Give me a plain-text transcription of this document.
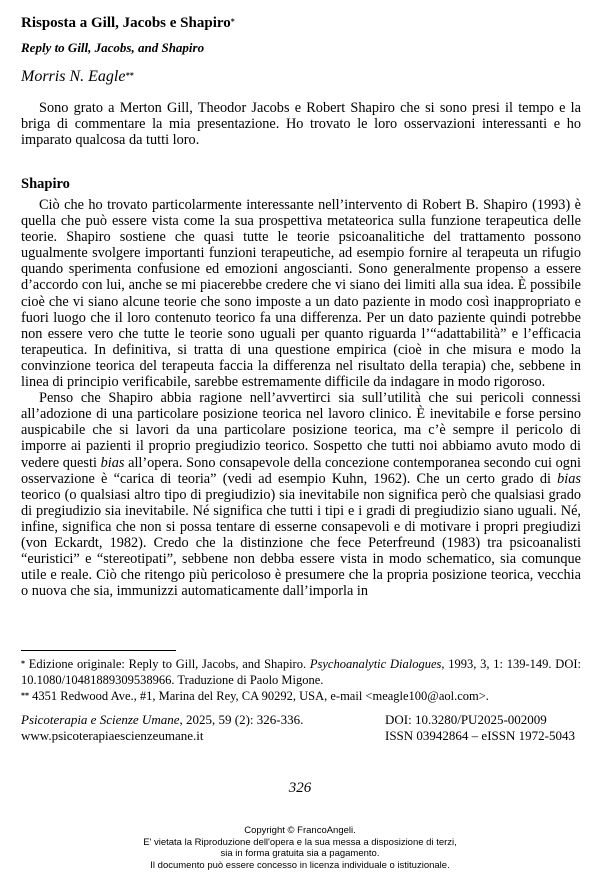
Risposta a Gill, Jacobs e Shapiro*
Reply to Gill, Jacobs, and Shapiro
Morris N. Eagle**

Sono grato a Merton Gill, Theodor Jacobs e Robert Shapiro che si sono presi il tempo e la briga di commentare la mia presentazione. Ho trovato le loro osservazioni interessanti e ho imparato qualcosa da tutti loro.

Shapiro

Ciò che ho trovato particolarmente interessante nell’intervento di Robert B. Shapiro (1993) è quella che può essere vista come la sua prospettiva metateorica sulla funzione terapeutica delle teorie. Shapiro sostiene che quasi tutte le teorie psicoanalitiche del trattamento possono ugualmente svolgere importanti funzioni terapeutiche, ad esempio fornire al terapeuta un rifugio quando sperimenta confusione ed emozioni angoscianti. Sono generalmente propenso a essere d’accordo con lui, anche se mi piacerebbe credere che vi siano dei limiti alla sua idea. È possibile cioè che vi siano alcune teorie che sono imposte a un dato paziente in modo così inappropriato e fuori luogo che il loro contenuto teorico fa una differenza. Per un dato paziente quindi potrebbe non essere vero che tutte le teorie sono uguali per quanto riguarda l’“adattabilità” e l’efficacia terapeutica. In definitiva, si tratta di una questione empirica (cioè in che misura e modo la convinzione teorica del terapeuta faccia la differenza nel risultato della terapia) che, sebbene in linea di principio verificabile, sarebbe estremamente difficile da indagare in modo rigoroso.

Penso che Shapiro abbia ragione nell’avvertirci sia sull’utilità che sui pericoli connessi all’adozione di una particolare posizione teorica nel lavoro clinico. È inevitabile e forse persino auspicabile che si lavori da una particolare posizione teorica, ma c’è sempre il pericolo di imporre ai pazienti il proprio pregiudizio teorico. Sospetto che tutti noi abbiamo avuto modo di vedere questi bias all’opera. Sono consapevole della concezione contemporanea secondo cui ogni osservazione è “carica di teoria” (vedi ad esempio Kuhn, 1962). Che un certo grado di bias teorico (o qualsiasi altro tipo di pregiudizio) sia inevitabile non significa però che qualsiasi grado di pregiudizio sia inevitabile. Né significa che tutti i tipi e i gradi di pregiudizio siano uguali. Né, infine, significa che non si possa tentare di esserne consapevoli e di motivare i propri pregiudizi (von Eckardt, 1982). Credo che la distinzione che fece Peterfreund (1983) tra psicoanalisti “euristici” e “stereotipati”, sebbene non debba essere vista in modo schematico, sia comunque utile e reale. Ciò che ritengo più pericoloso è presumere che la propria posizione teorica, vecchia o nuova che sia, immunizzi automaticamente dall’imporla in

* Edizione originale: Reply to Gill, Jacobs, and Shapiro. Psychoanalytic Dialogues, 1993, 3, 1: 139-149. DOI: 10.1080/10481889309538966. Traduzione di Paolo Migone.
** 4351 Redwood Ave., #1, Marina del Rey, CA 90292, USA, e-mail <meagle100@aol.com>.
Psicoterapia e Scienze Umane, 2025, 59 (2): 326-336.	DOI: 10.3280/PU2025-002009
www.psicoterapiaescienzeumane.it	ISSN 03942864 – eISSN 1972-5043
326
Copyright © FrancoAngeli.
E' vietata la Riproduzione dell'opera e la sua messa a disposizione di terzi,
sia in forma gratuita sia a pagamento.
Il documento può essere concesso in licenza individuale o istituzionale.
